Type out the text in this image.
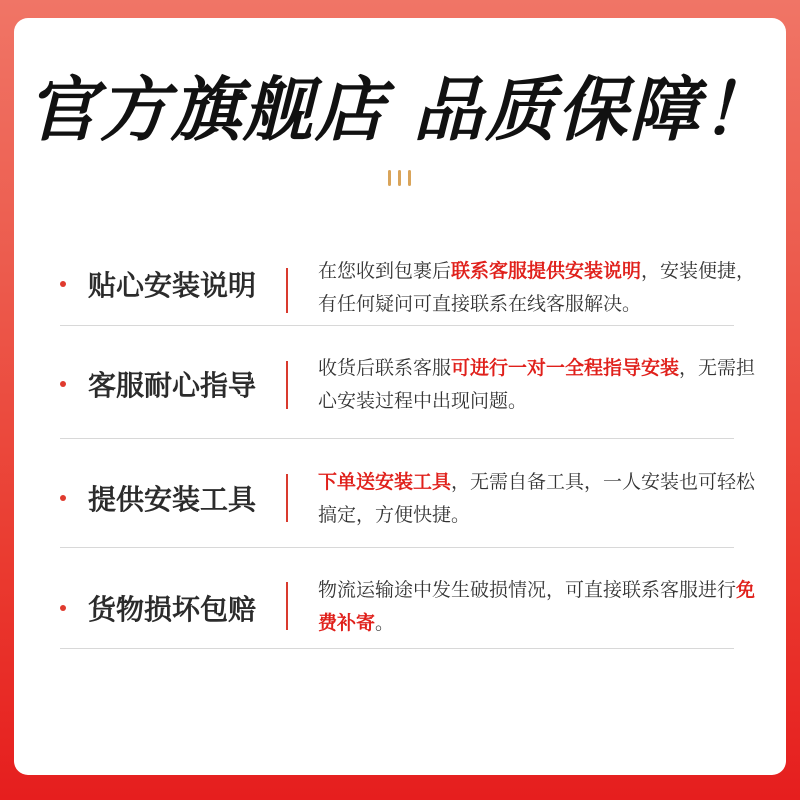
官方旗舰店 品质保障！
贴心安装说明	在您收到包裹后联系客服提供安装说明，安装便捷，有任何疑问可直接联系在线客服解决。
客服耐心指导
收货后联系客服可进行一对一全程指导安装，无需担心安装过程中出现问题。
提供安装工具
下单送安装工具，无需自备工具，一人安装也可轻松搞定，方便快捷。
货物损坏包赔
物流运输途中发生破损情况，可直接联系客服进行免费补寄。
